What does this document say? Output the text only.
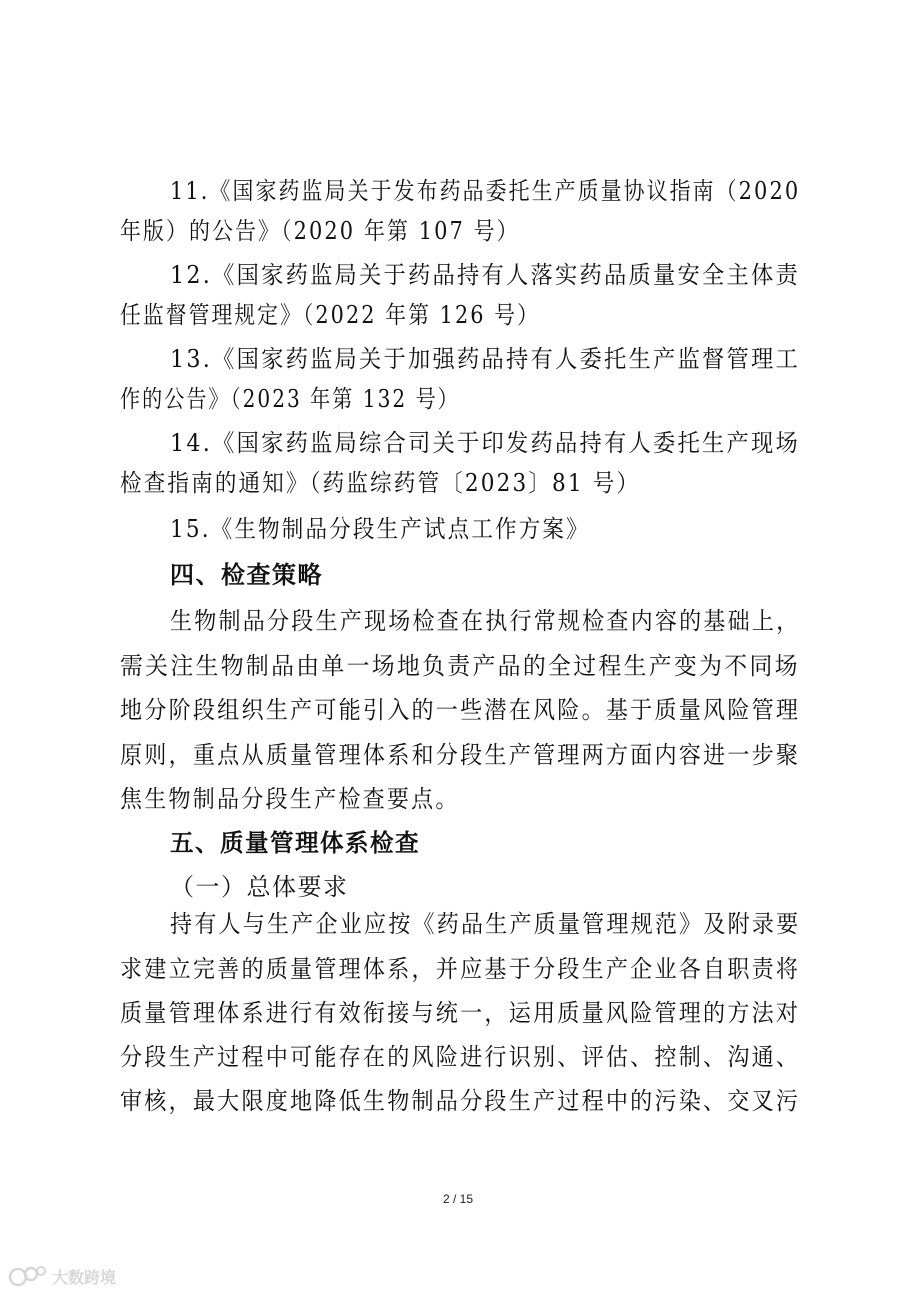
11.《国家药监局关于发布药品委托生产质量协议指南（2020
年版）的公告》（2020 年第 107 号）
12.《国家药监局关于药品持有人落实药品质量安全主体责
任监督管理规定》（2022 年第 126 号）
13.《国家药监局关于加强药品持有人委托生产监督管理工
作的公告》（2023 年第 132 号）
14.《国家药监局综合司关于印发药品持有人委托生产现场
检查指南的通知》（药监综药管〔2023〕81 号）
15.《生物制品分段生产试点工作方案》
四、检查策略
生物制品分段生产现场检查在执行常规检查内容的基础上，
需关注生物制品由单一场地负责产品的全过程生产变为不同场
地分阶段组织生产可能引入的一些潜在风险。基于质量风险管理
原则，重点从质量管理体系和分段生产管理两方面内容进一步聚
焦生物制品分段生产检查要点。
五、质量管理体系检查
（一）总体要求
持有人与生产企业应按《药品生产质量管理规范》及附录要
求建立完善的质量管理体系，并应基于分段生产企业各自职责将
质量管理体系进行有效衔接与统一，运用质量风险管理的方法对
分段生产过程中可能存在的风险进行识别、评估、控制、沟通、
审核，最大限度地降低生物制品分段生产过程中的污染、交叉污
2 / 15
大数跨境
